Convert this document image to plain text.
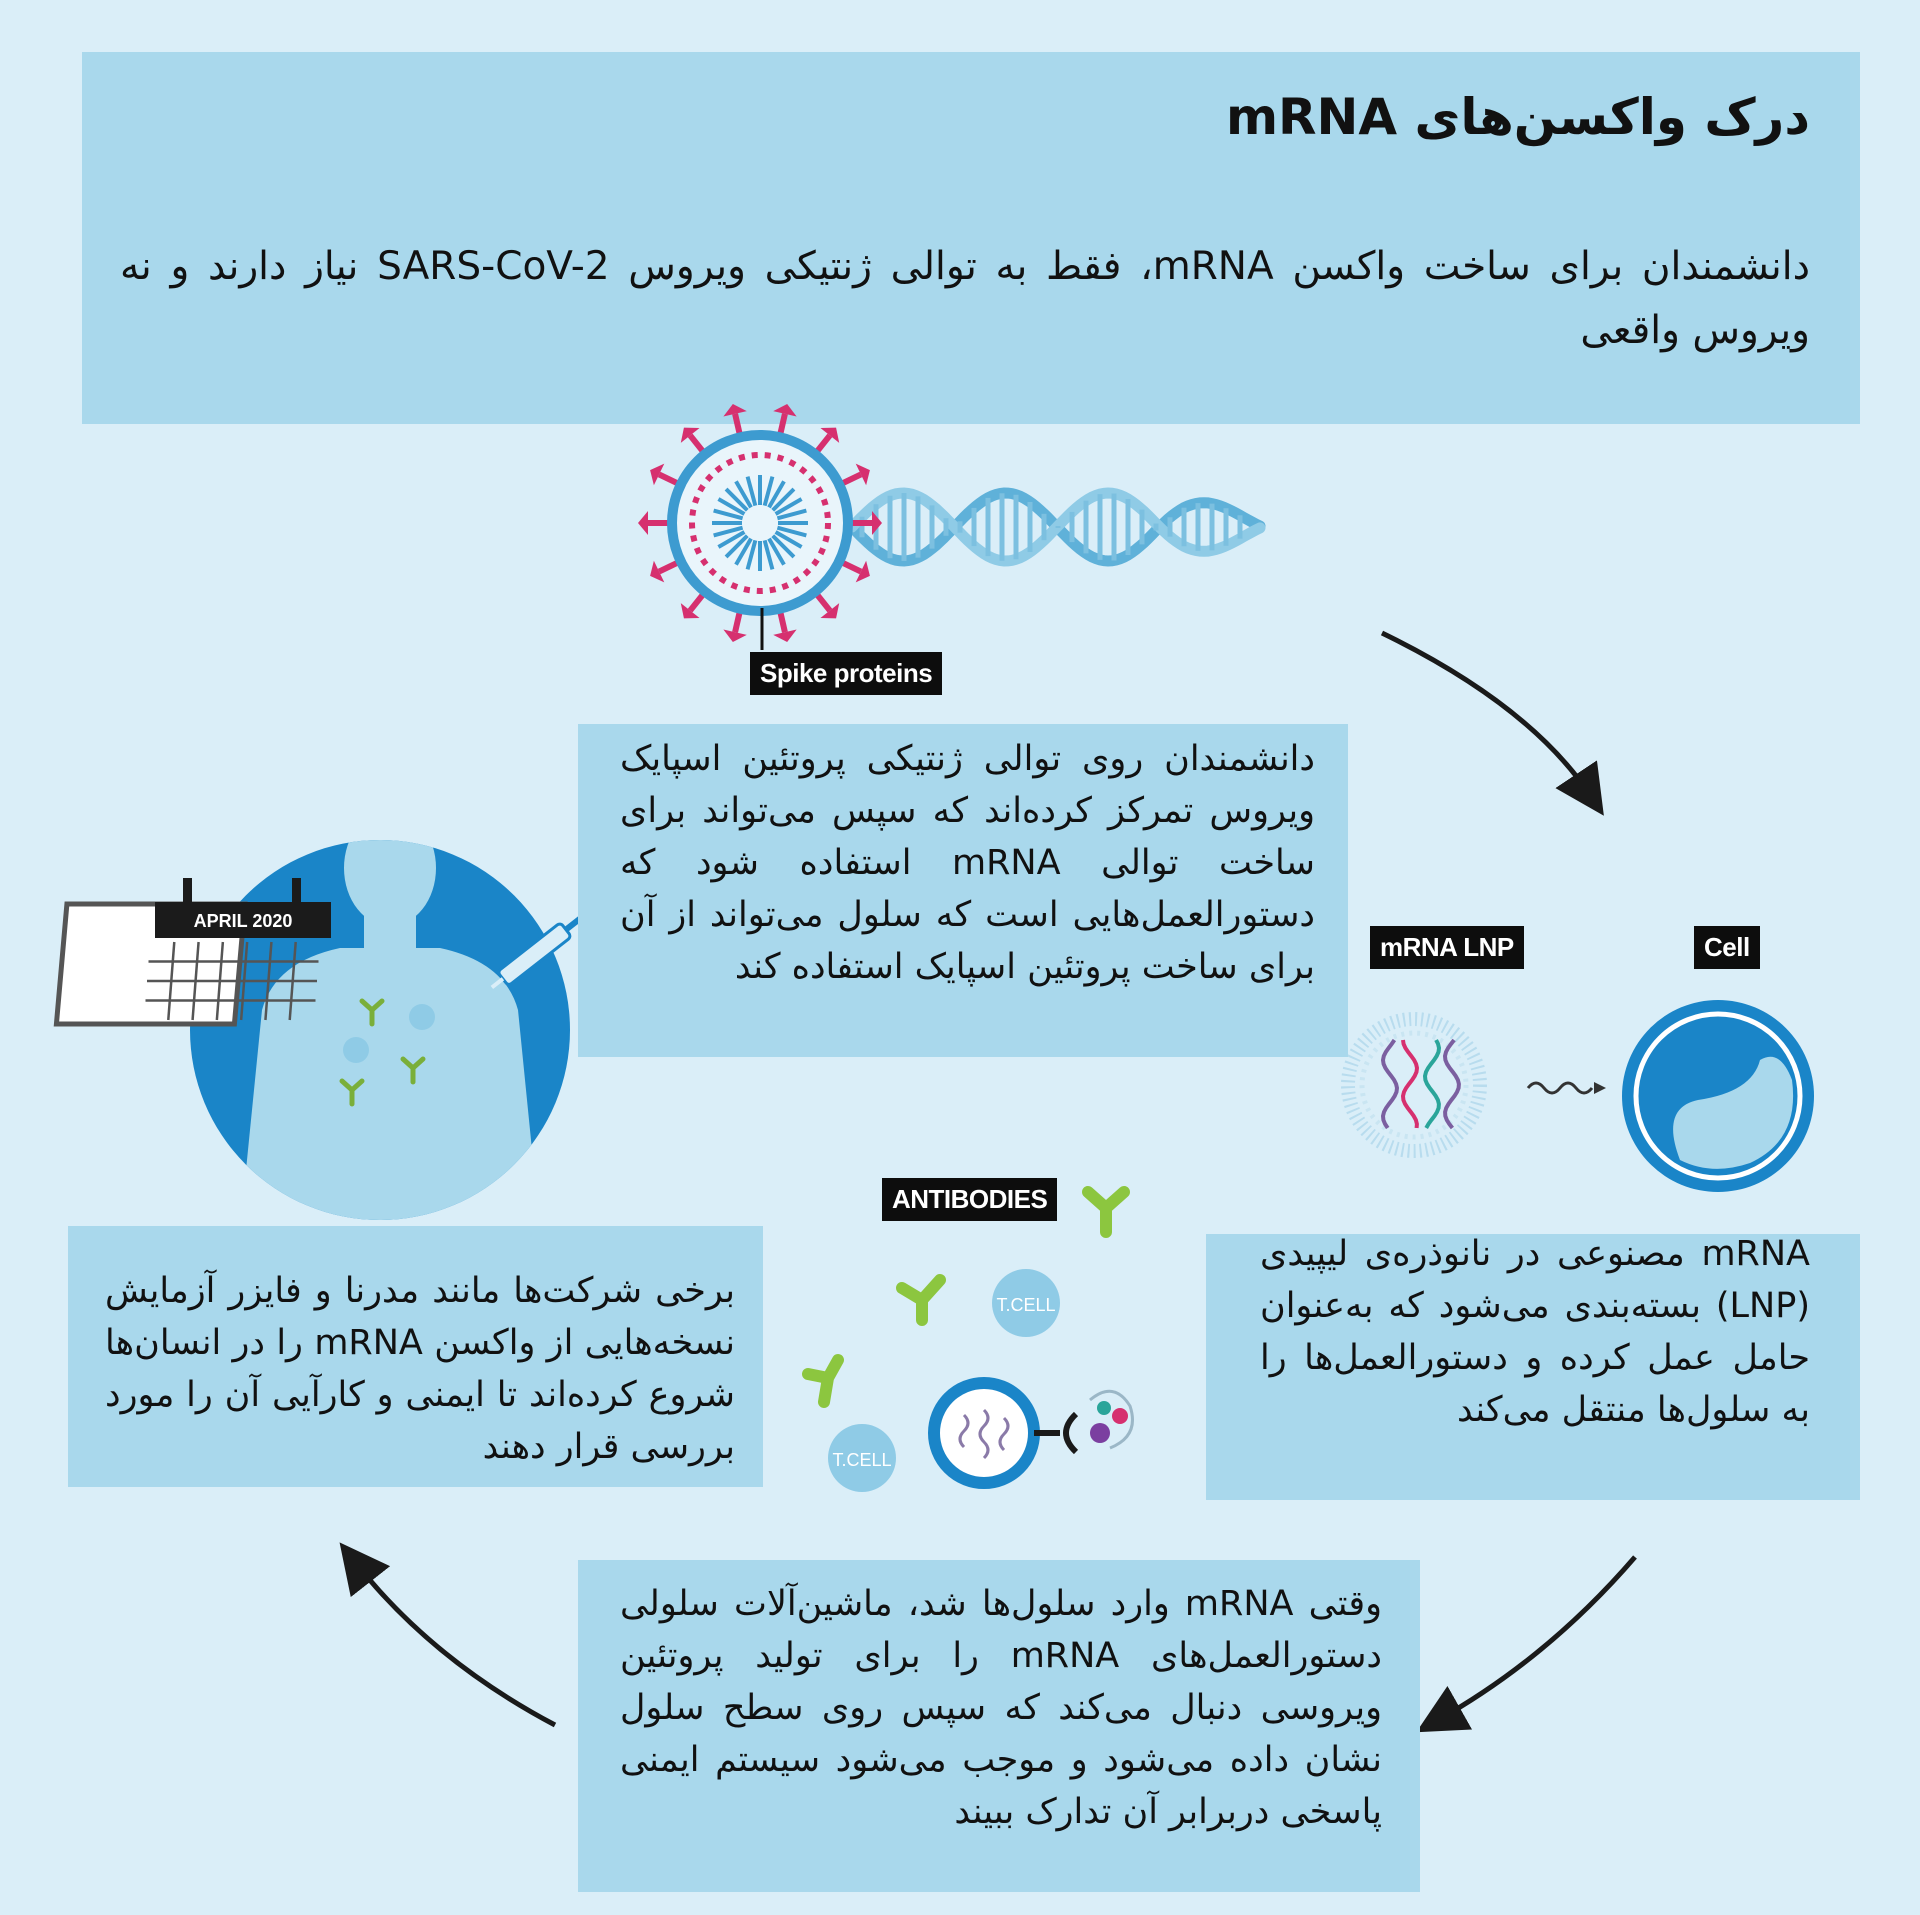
درک واکسن‌های mRNA
دانشمندان برای ساخت واکسن mRNA، فقط به توالی ژنتیکی ویروس SARS-CoV-2 نیاز دارند و نه ویروس واقعی
APRIL 2020
T.CELL
T.CELL
Spike proteins
mRNA LNP	Cell
ANTIBODIES
دانشمندان روی توالی ژنتیکی پروتئین اسپایک ویروس تمرکز کرده‌اند که سپس می‌تواند برای ساخت توالی mRNA استفاده شود که دستورالعمل‌هایی است که سلول می‌تواند از آن برای ساخت پروتئین اسپایک استفاده کند
mRNA مصنوعی در نانوذره‌ی لیپیدی (LNP) بسته‌بندی می‌شود که به‌عنوان حامل عمل کرده و دستورالعمل‌ها را به سلول‌ها منتقل می‌کند
برخی شرکت‌ها مانند مدرنا و فایزر آزمایش نسخه‌هایی از واکسن mRNA را در انسان‌ها شروع کرده‌اند تا ایمنی و کارآیی آن را مورد بررسی قرار دهند
وقتی mRNA وارد سلول‌ها شد، ماشین‌آلات سلولی دستورالعمل‌های mRNA را برای تولید پروتئین ویروسی دنبال می‌کند که سپس روی سطح سلول نشان داده می‌شود و موجب می‌شود سیستم ایمنی پاسخی دربرابر آن تدارک ببیند
